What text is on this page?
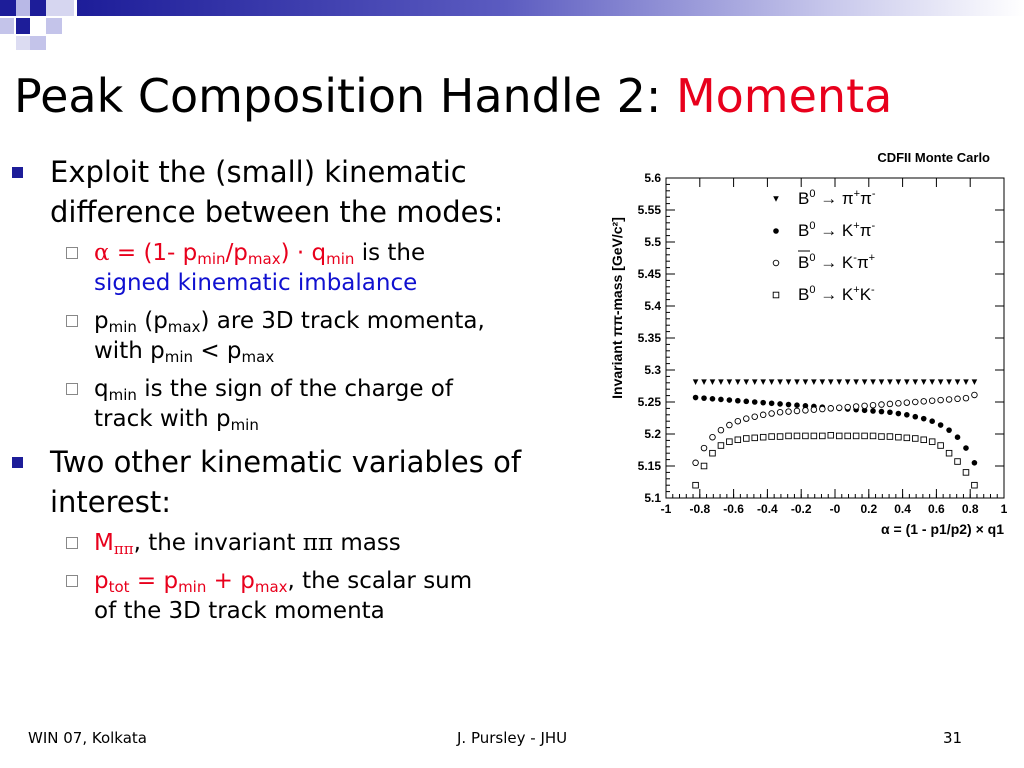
Peak Composition Handle 2: Momenta
Exploit the (small) kinematic difference between the modes:
α = (1- $p_{min}/p_{max}) \cdot q_{min}$ is the
signed kinematic imbalance
$p_{min}$ $(p_{max})$ are 3D track momenta,
with $p_{min} < p_{max}$
$q_{min}$ is the sign of the charge of
track with $p_{min}$
Two other kinematic variables of interest:
$M_{\pi\pi}$, the invariant ππ mass
$p_{tot} = p_{min} + p_{max}$, the scalar sum
of the 3D track momenta
-1 -0.8 -0.6 -0.4 -0.2 -0 0.2 0.4 0.6 0.8 1
5.1
5.15
5.2
5.25
5.3
5.35
5.4
5.45
5.5
5.55
5.6
CDFII Monte Carlo
Invariant ππ-mass [GeV/c²]
α = (1 - p1/p2) × q1
$B^0 \to \pi^+\pi^-$
$B^0 \to K^+\pi^-$
$B^0 \to K^-\pi^+$
$B^0 \to K^+K^-$
WIN 07, Kolkata	J. Pursley - JHU	31
